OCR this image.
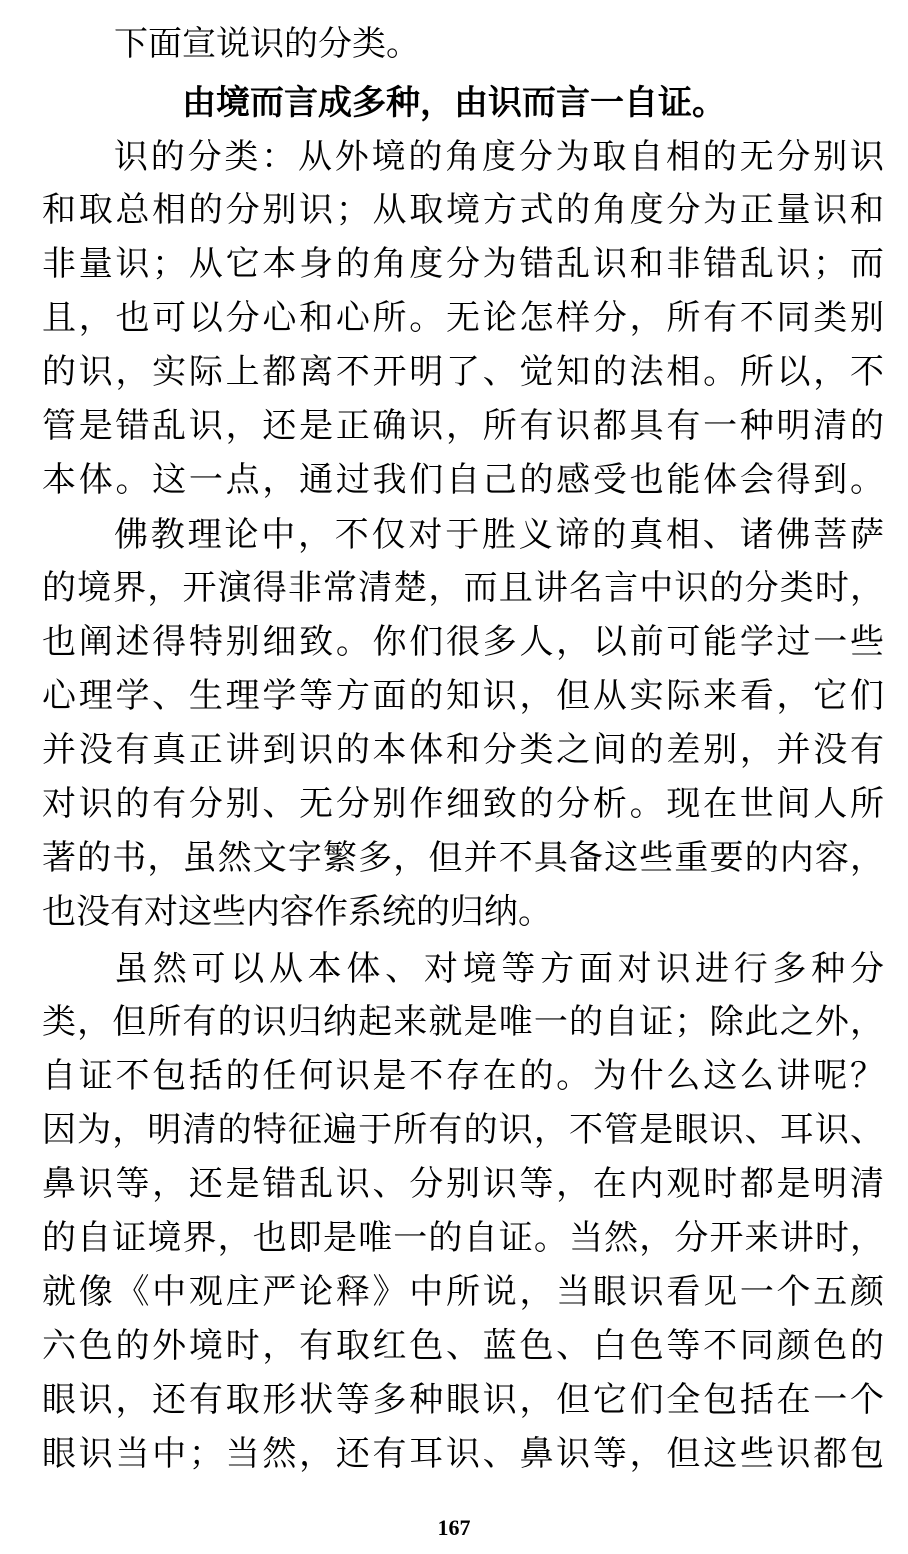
下面宣说识的分类。
由境而言成多种，由识而言一自证。
识的分类：从外境的角度分为取自相的无分别识
和取总相的分别识；从取境方式的角度分为正量识和
非量识；从它本身的角度分为错乱识和非错乱识；而
且，也可以分心和心所。无论怎样分，所有不同类别
的识，实际上都离不开明了、觉知的法相。所以，不
管是错乱识，还是正确识，所有识都具有一种明清的
本体。这一点，通过我们自己的感受也能体会得到。
佛教理论中，不仅对于胜义谛的真相、诸佛菩萨
的境界，开演得非常清楚，而且讲名言中识的分类时，
也阐述得特别细致。你们很多人，以前可能学过一些
心理学、生理学等方面的知识，但从实际来看，它们
并没有真正讲到识的本体和分类之间的差别，并没有
对识的有分别、无分别作细致的分析。现在世间人所
著的书，虽然文字繁多，但并不具备这些重要的内容，
也没有对这些内容作系统的归纳。
虽然可以从本体、对境等方面对识进行多种分
类，但所有的识归纳起来就是唯一的自证；除此之外，
自证不包括的任何识是不存在的。为什么这么讲呢？
因为，明清的特征遍于所有的识，不管是眼识、耳识、
鼻识等，还是错乱识、分别识等，在内观时都是明清
的自证境界，也即是唯一的自证。当然，分开来讲时，
就像《中观庄严论释》中所说，当眼识看见一个五颜
六色的外境时，有取红色、蓝色、白色等不同颜色的
眼识，还有取形状等多种眼识，但它们全包括在一个
眼识当中；当然，还有耳识、鼻识等，但这些识都包
167
